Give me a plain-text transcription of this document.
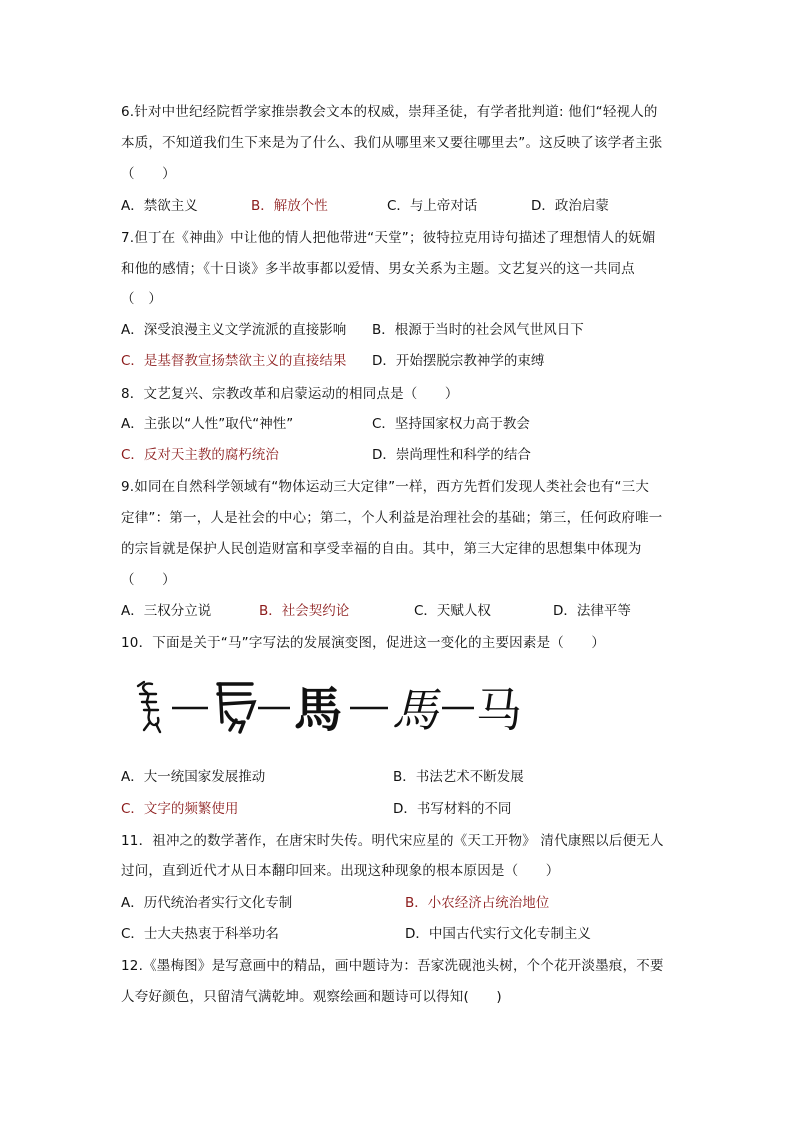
6.针对中世纪经院哲学家推崇教会文本的权威，崇拜圣徒，有学者批判道: 他们“轻视人的
本质，不知道我们生下来是为了什么、我们从哪里来又要往哪里去”。这反映了该学者主张
（　　）
A．禁欲主义	B．解放个性	C．与上帝对话	D．政治启蒙
7.但丁在《神曲》中让他的情人把他带进“天堂”；彼特拉克用诗句描述了理想情人的妩媚
和他的感情；《十日谈》多半故事都以爱情、男女关系为主题。文艺复兴的这一共同点
（　）
A．深受浪漫主义文学流派的直接影响 B．根源于当时的社会风气世风日下
C．是基督教宣扬禁欲主义的直接结果 D．开始摆脱宗教神学的束缚
8．文艺复兴、宗教改革和启蒙运动的相同点是（　　）
A．主张以“人性”取代“神性”	C．坚持国家权力高于教会
C．反对天主教的腐朽统治	D．崇尚理性和科学的结合
9.如同在自然科学领域有“物体运动三大定律”一样，西方先哲们发现人类社会也有“三大
定律”：第一，人是社会的中心；第二，个人利益是治理社会的基础；第三，任何政府唯一
的宗旨就是保护人民创造财富和享受幸福的自由。其中，第三大定律的思想集中体现为
（　　）
A．三权分立说	B．社会契约论	C．天赋人权	D．法律平等
10．下面是关于“马”字写法的发展演变图，促进这一变化的主要因素是（　　）
馬 馬 马
A．大一统国家发展推动	B．书法艺术不断发展
C．文字的频繁使用	D．书写材料的不同
11．祖冲之的数学著作，在唐宋时失传。明代宋应星的《天工开物》 清代康熙以后便无人
过问，直到近代才从日本翻印回来。出现这种现象的根本原因是（　　）
A．历代统治者实行文化专制	B．小农经济占统治地位
C．士大夫热衷于科举功名	D．中国古代实行文化专制主义
12.《墨梅图》是写意画中的精品，画中题诗为：吾家洗砚池头树，个个花开淡墨痕，不要
人夸好颜色，只留清气满乾坤。观察绘画和题诗可以得知(　　)
